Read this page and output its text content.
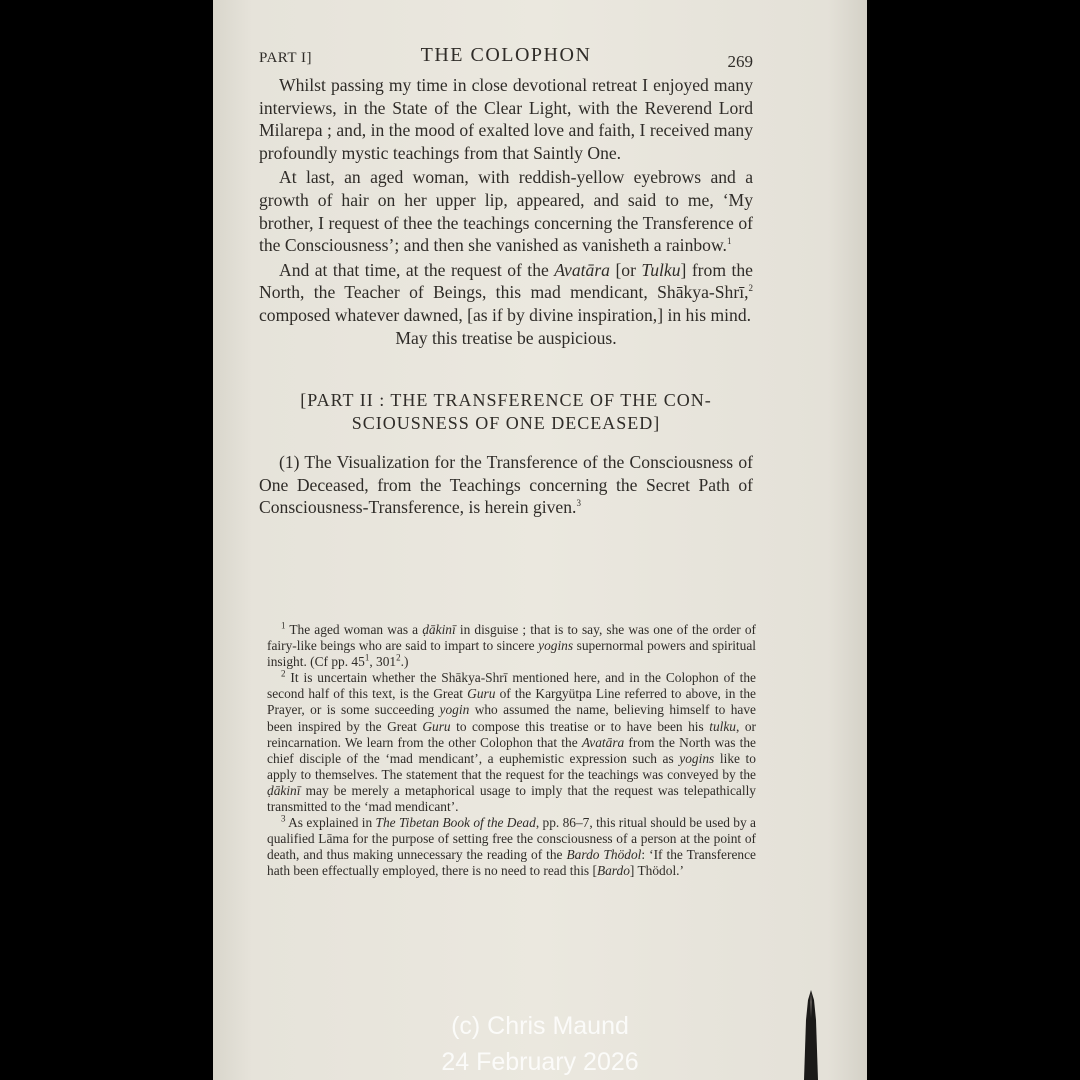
PART I]	THE COLOPHON	269

Whilst passing my time in close devotional retreat I enjoyed many interviews, in the State of the Clear Light, with the Reverend Lord Milarepa ; and, in the mood of exalted love and faith, I received many profoundly mystic teachings from that Saintly One.

At last, an aged woman, with reddish-yellow eyebrows and a growth of hair on her upper lip, appeared, and said to me, ‘My brother, I request of thee the teachings concerning the Transference of the Consciousness’; and then she vanished as vanisheth a rainbow.$^1$

And at that time, at the request of the Avatāra [or Tulku] from the North, the Teacher of Beings, this mad mendicant, Shākya-Shrī,$^2$ composed whatever dawned, [as if by divine inspiration,] in his mind.

May this treatise be auspicious.

[PART II : THE TRANSFERENCE OF THE CON-
SCIOUSNESS OF ONE DECEASED]

(1) The Visualization for the Transference of the Consciousness of One Deceased, from the Teachings concerning the Secret Path of Consciousness-Transference, is herein given.$^3$

$^1$ The aged woman was a ḍākinī in disguise ; that is to say, she was one of the order of fairy-like beings who are said to impart to sincere yogins supernormal powers and spiritual insight. (Cf pp. $45^1$, $301^2$.)

$^2$ It is uncertain whether the Shākya-Shrī mentioned here, and in the Colophon of the second half of this text, is the Great Guru of the Kargyütpa Line referred to above, in the Prayer, or is some succeeding yogin who assumed the name, believing himself to have been inspired by the Great Guru to compose this treatise or to have been his tulku, or reincarnation. We learn from the other Colophon that the Avatāra from the North was the chief disciple of the ‘mad mendicant’, a euphemistic expression such as yogins like to apply to themselves. The statement that the request for the teachings was conveyed by the ḍākinī may be merely a metaphorical usage to imply that the request was telepathically transmitted to the ‘mad mendicant’.

$^3$ As explained in The Tibetan Book of the Dead, pp. 86–7, this ritual should be used by a qualified Lāma for the purpose of setting free the consciousness of a person at the point of death, and thus making unnecessary the reading of the Bardo Thödol: ‘If the Transference hath been effectually employed, there is no need to read this [Bardo] Thödol.’

(c) Chris Maund
24 February 2026
